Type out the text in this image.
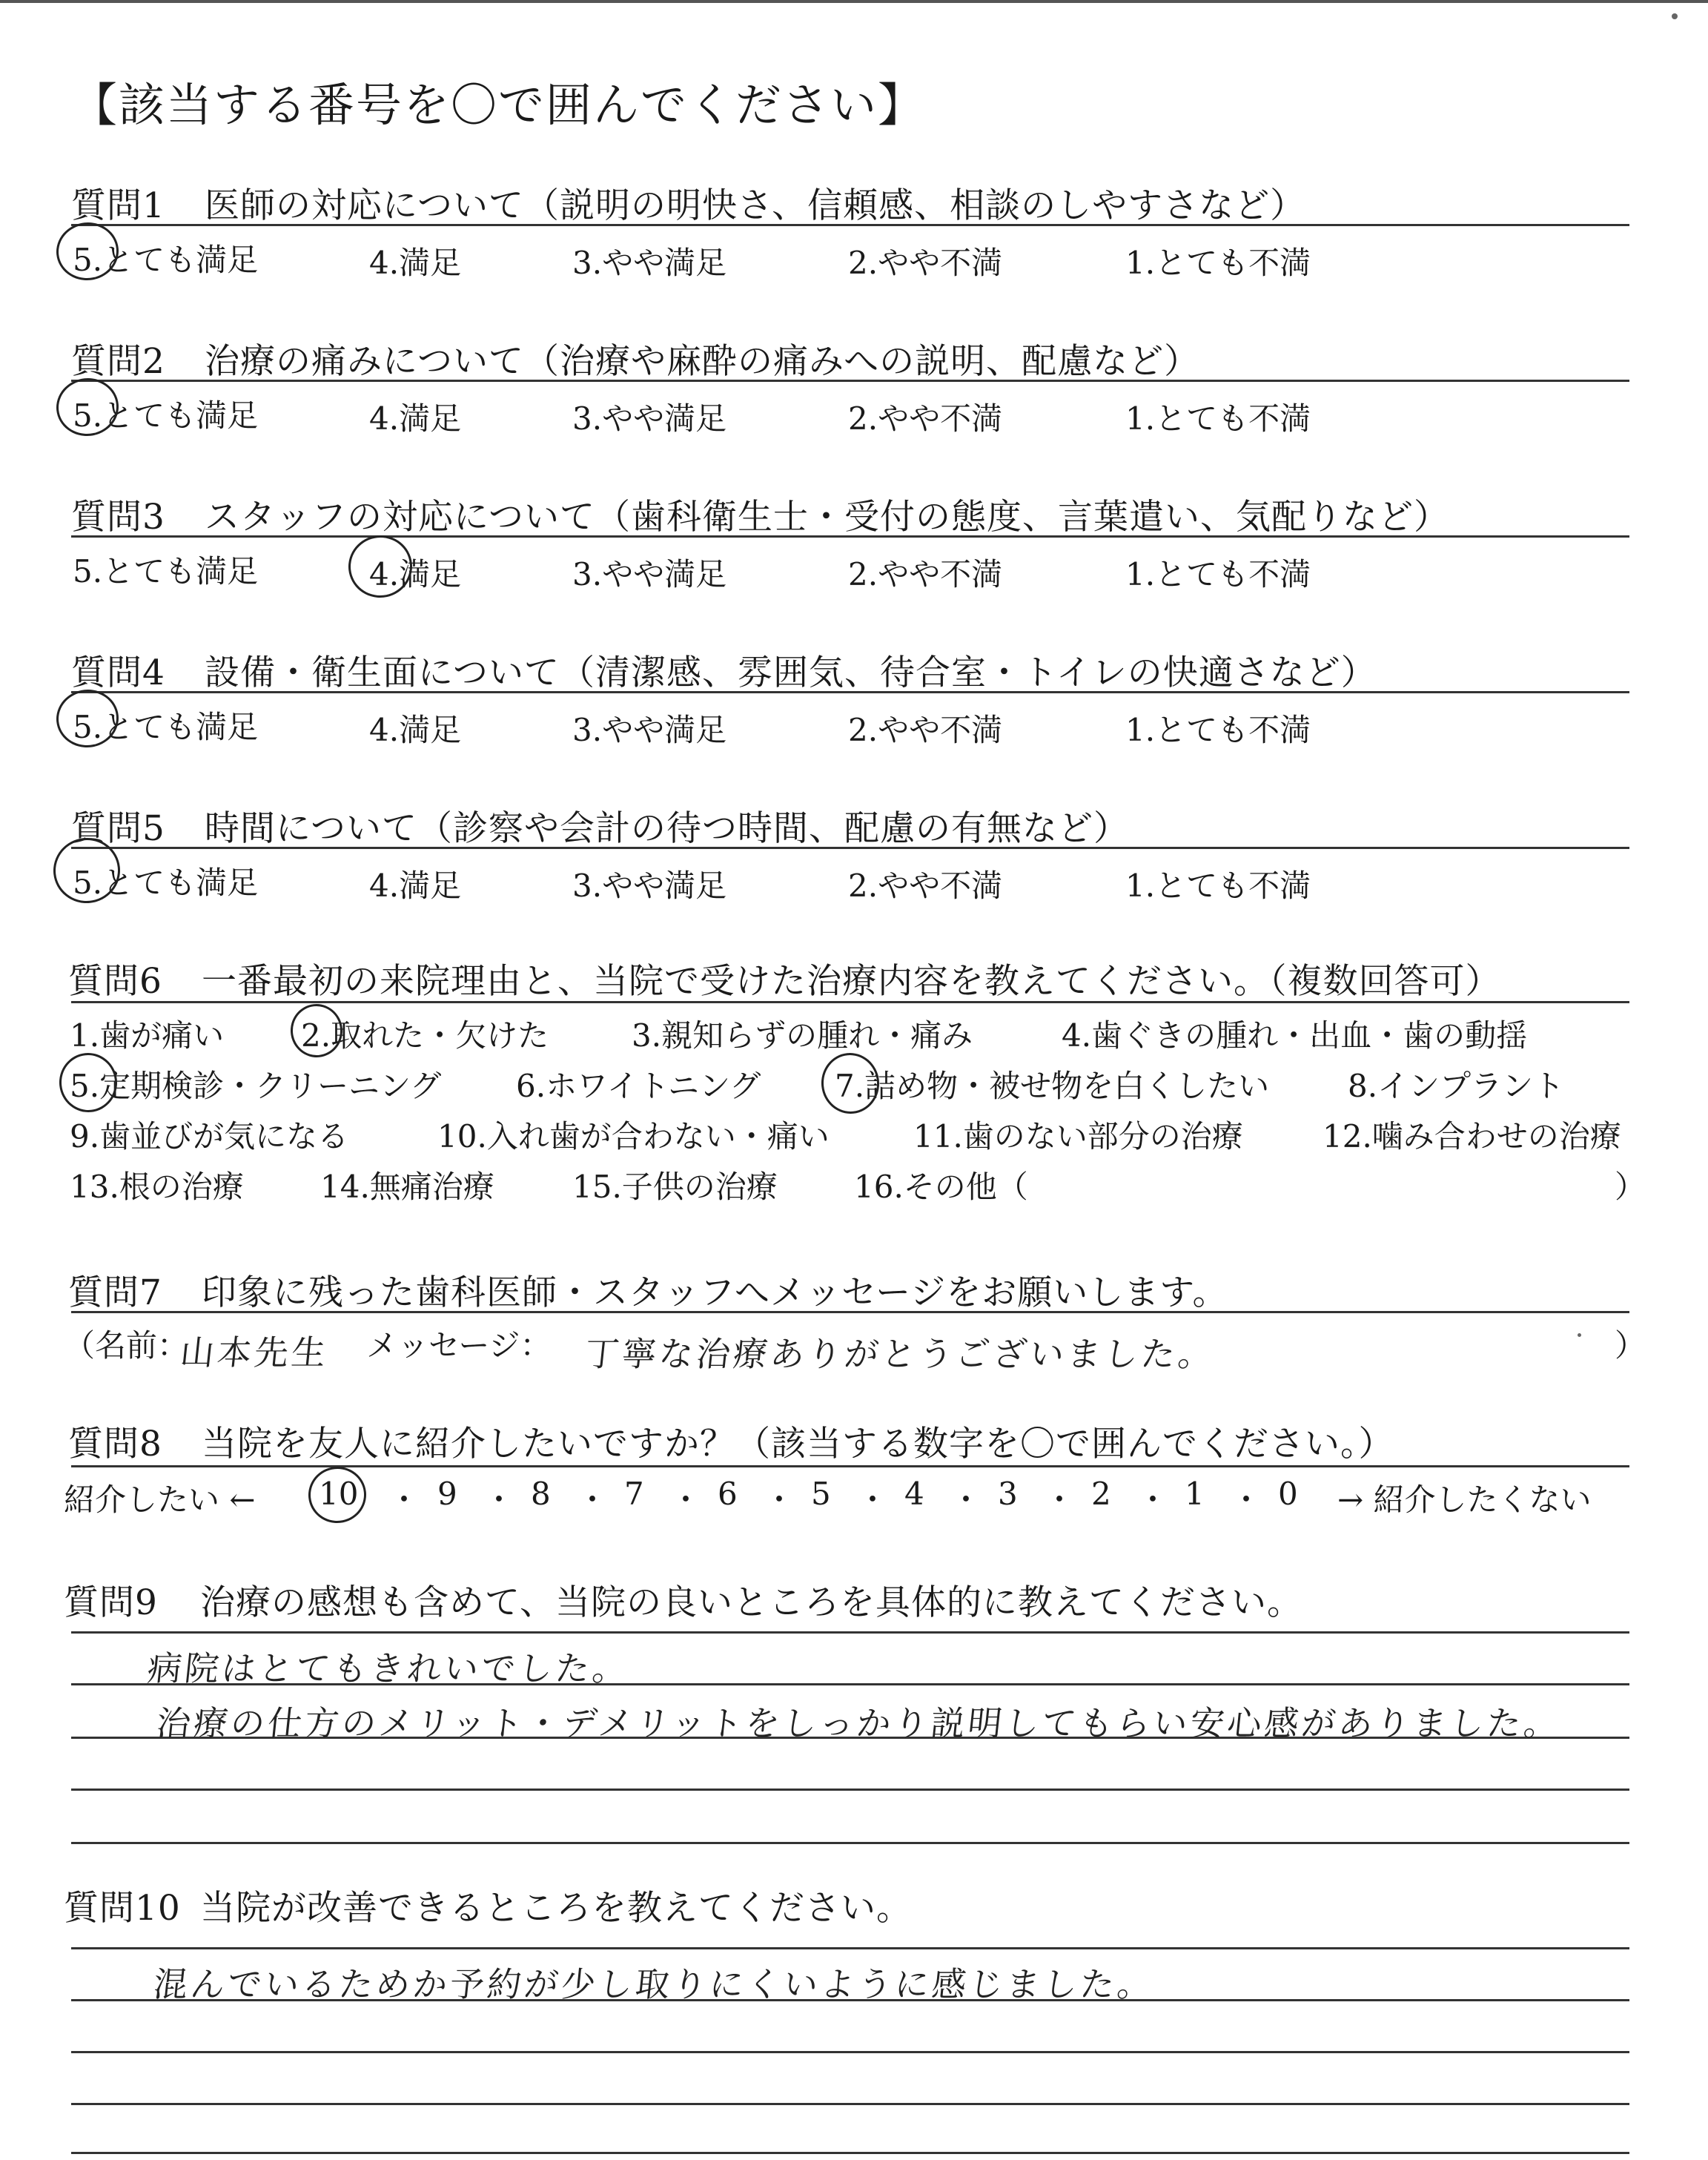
【該当する番号を〇で囲んでください】
質問1 医師の対応について（説明の明快さ、信頼感、相談のしやすさなど）
5.とても満足	4.満足	3.やや満足	2.やや不満	1.とても不満
質問2 治療の痛みについて（治療や麻酔の痛みへの説明、配慮など）
5.とても満足	4.満足	3.やや満足	2.やや不満	1.とても不満
質問3 スタッフの対応について（歯科衛生士・受付の態度、言葉遣い、気配りなど）
5.とても満足	4.満足	3.やや満足	2.やや不満	1.とても不満
質問4 設備・衛生面について（清潔感、雰囲気、待合室・トイレの快適さなど）
5.とても満足	4.満足	3.やや満足	2.やや不満	1.とても不満
質問5 時間について（診察や会計の待つ時間、配慮の有無など）
5.とても満足	4.満足	3.やや満足	2.やや不満	1.とても不満
質問6 一番最初の来院理由と、当院で受けた治療内容を教えてください。（複数回答可）
1.歯が痛い 2.取れた・欠けた	3.親知らずの腫れ・痛み	4.歯ぐきの腫れ・出血・歯の動揺
5.定期検診・クリーニング 6.ホワイトニング 7.詰め物・被せ物を白くしたい	8.インプラント
9.歯並びが気になる	10.入れ歯が合わない・痛い	11.歯のない部分の治療	12.噛み合わせの治療
13.根の治療 14.無痛治療	15.子供の治療 16.その他（	）
質問7 印象に残った歯科医師・スタッフへメッセージをお願いします。
（名前：
山本先生 メッセージ： 丁寧な治療ありがとうございました。	）
質問8 当院を友人に紹介したいですか？（該当する数字を〇で囲んでください。）
紹介したい ← 10 ・ 9 ・ 8 ・ 7 ・ 6 ・ 5 ・ 4 ・ 3 ・ 2 ・ 1 ・ 0 → 紹介したくない
質問9 治療の感想も含めて、当院の良いところを具体的に教えてください。
病院はとてもきれいでした。
治療の仕方のメリット・デメリットをしっかり説明してもらい安心感がありました。
質問10 当院が改善できるところを教えてください。
混んでいるためか予約が少し取りにくいように感じました。
